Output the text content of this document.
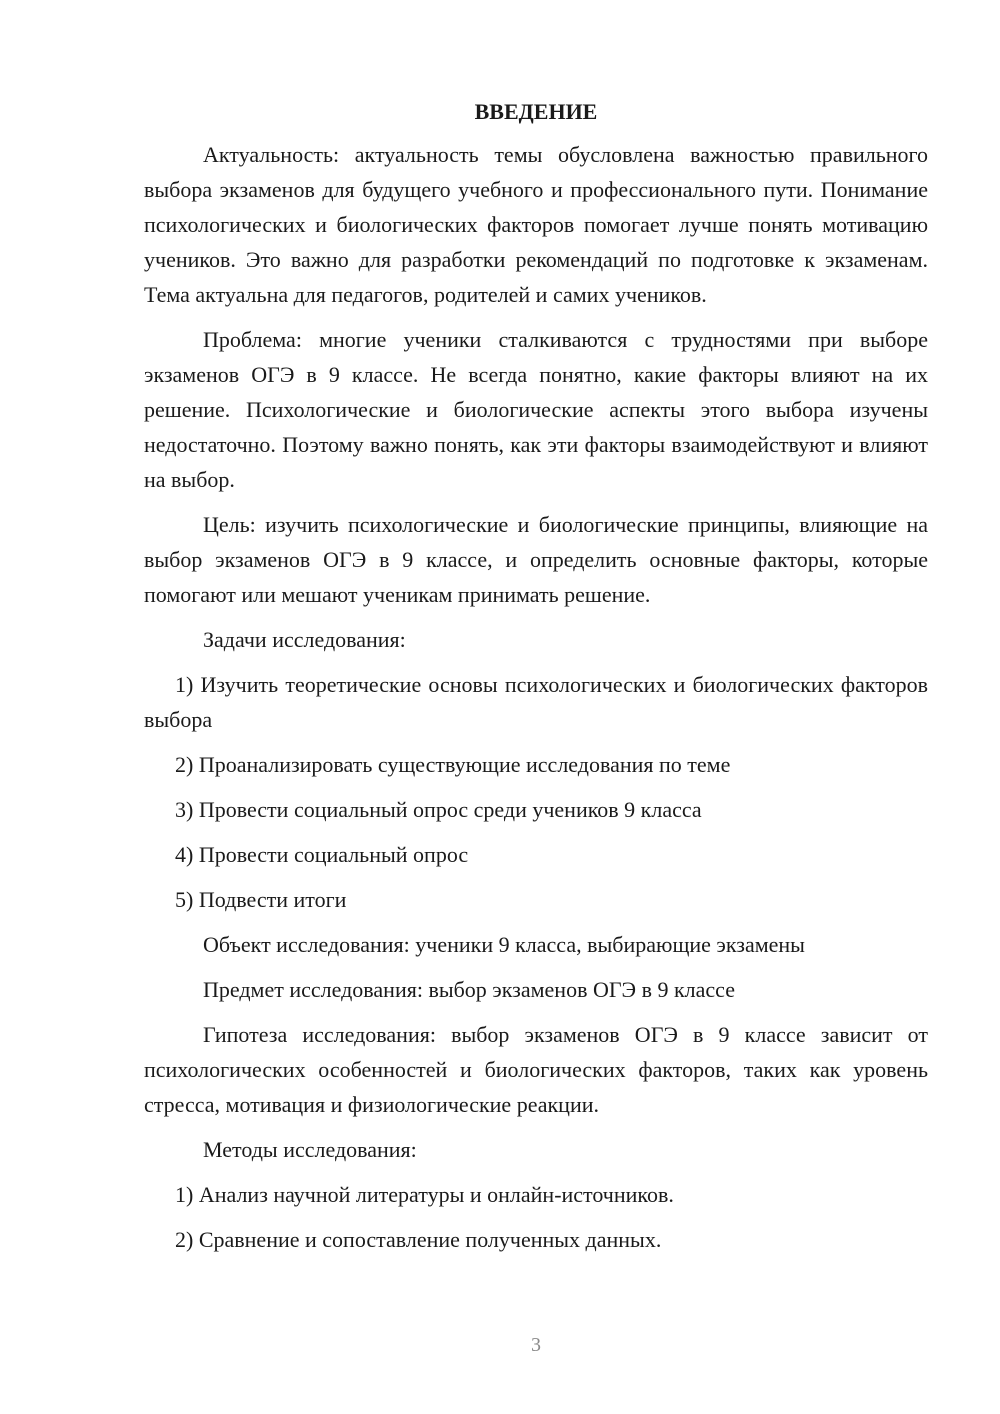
ВВЕДЕНИЕ

Актуальность: актуальность темы обусловлена важностью правильного выбора экзаменов для будущего учебного и профессионального пути. Понимание психологических и биологических факторов помогает лучше понять мотивацию учеников. Это важно для разработки рекомендаций по подготовке к экзаменам. Тема актуальна для педагогов, родителей и самих учеников.

Проблема: многие ученики сталкиваются с трудностями при выборе экзаменов ОГЭ в 9 классе. Не всегда понятно, какие факторы влияют на их решение. Психологические и биологические аспекты этого выбора изучены недостаточно. Поэтому важно понять, как эти факторы взаимодействуют и влияют на выбор.

Цель: изучить психологические и биологические принципы, влияющие на выбор экзаменов ОГЭ в 9 классе, и определить основные факторы, которые помогают или мешают ученикам принимать решение.

Задачи исследования:

1) Изучить теоретические основы психологических и биологических факторов выбора

2) Проанализировать существующие исследования по теме

3) Провести социальный опрос среди учеников 9 класса

4) Провести социальный опрос

5) Подвести итоги

Объект исследования: ученики 9 класса, выбирающие экзамены

Предмет исследования: выбор экзаменов ОГЭ в 9 классе

Гипотеза исследования: выбор экзаменов ОГЭ в 9 классе зависит от психологических особенностей и биологических факторов, таких как уровень стресса, мотивация и физиологические реакции.

Методы исследования:

1) Анализ научной литературы и онлайн-источников.

2) Сравнение и сопоставление полученных данных.

3
